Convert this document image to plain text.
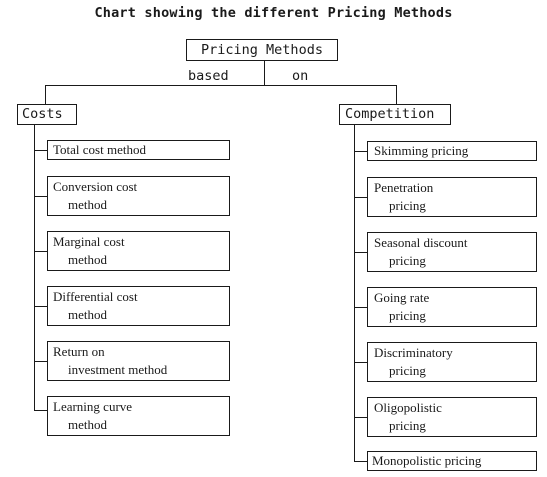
Chart showing the different Pricing Methods
Pricing Methods
based	on
Costs	Competition
Total cost method
Conversion cost
method
Marginal cost
method
Differential cost
method
Return on
investment method
Learning curve
method
Skimming pricing
Penetration
pricing
Seasonal discount
pricing
Going rate
pricing
Discriminatory
pricing
Oligopolistic
pricing
Monopolistic pricing
